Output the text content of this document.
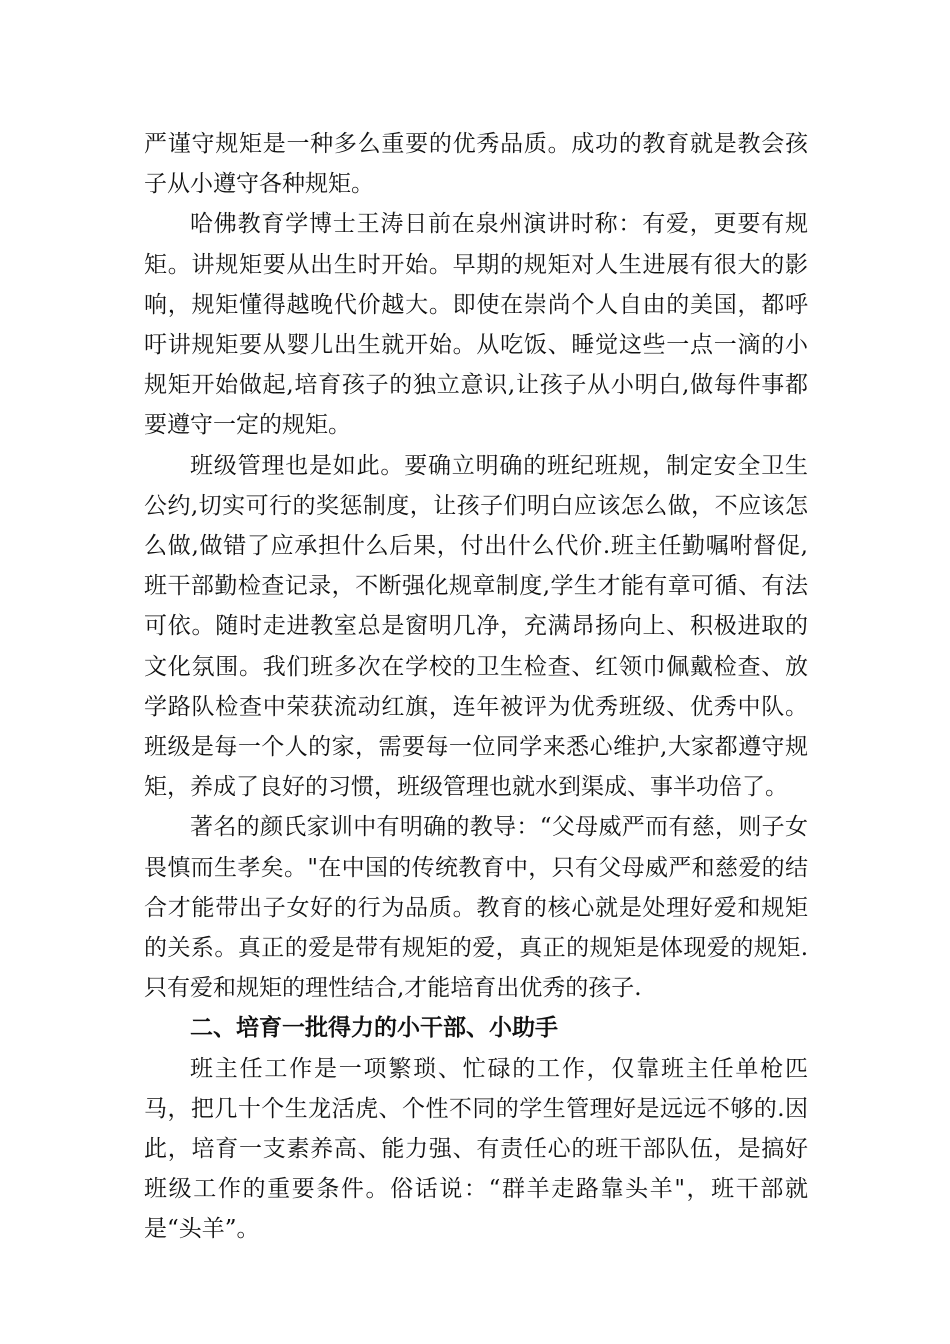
严谨守规矩是一种多么重要的优秀品质。成功的教育就是教会孩子从小遵守各种规矩。

哈佛教育学博士王涛日前在泉州演讲时称：有爱，更要有规矩。讲规矩要从出生时开始。早期的规矩对人生进展有很大的影响，规矩懂得越晚代价越大。即使在崇尚个人自由的美国，都呼吁讲规矩要从婴儿出生就开始。从吃饭、睡觉这些一点一滴的小规矩开始做起,培育孩子的独立意识,让孩子从小明白,做每件事都要遵守一定的规矩。

班级管理也是如此。要确立明确的班纪班规，制定安全卫生公约,切实可行的奖惩制度，让孩子们明白应该怎么做，不应该怎么做,做错了应承担什么后果，付出什么代价.班主任勤嘱咐督促,班干部勤检查记录，不断强化规章制度,学生才能有章可循、有法可依。随时走进教室总是窗明几净，充满昂扬向上、积极进取的文化氛围。我们班多次在学校的卫生检查、红领巾佩戴检查、放学路队检查中荣获流动红旗，连年被评为优秀班级、优秀中队。班级是每一个人的家，需要每一位同学来悉心维护,大家都遵守规矩，养成了良好的习惯，班级管理也就水到渠成、事半功倍了。

著名的颜氏家训中有明确的教导：“父母威严而有慈，则子女畏慎而生孝矣。"在中国的传统教育中，只有父母威严和慈爱的结合才能带出子女好的行为品质。教育的核心就是处理好爱和规矩的关系。真正的爱是带有规矩的爱，真正的规矩是体现爱的规矩.只有爱和规矩的理性结合,才能培育出优秀的孩子.

二、培育一批得力的小干部、小助手

班主任工作是一项繁琐、忙碌的工作，仅靠班主任单枪匹马，把几十个生龙活虎、个性不同的学生管理好是远远不够的.因此，培育一支素养高、能力强、有责任心的班干部队伍，是搞好班级工作的重要条件。俗话说：“群羊走路靠头羊"，班干部就是“头羊”。
